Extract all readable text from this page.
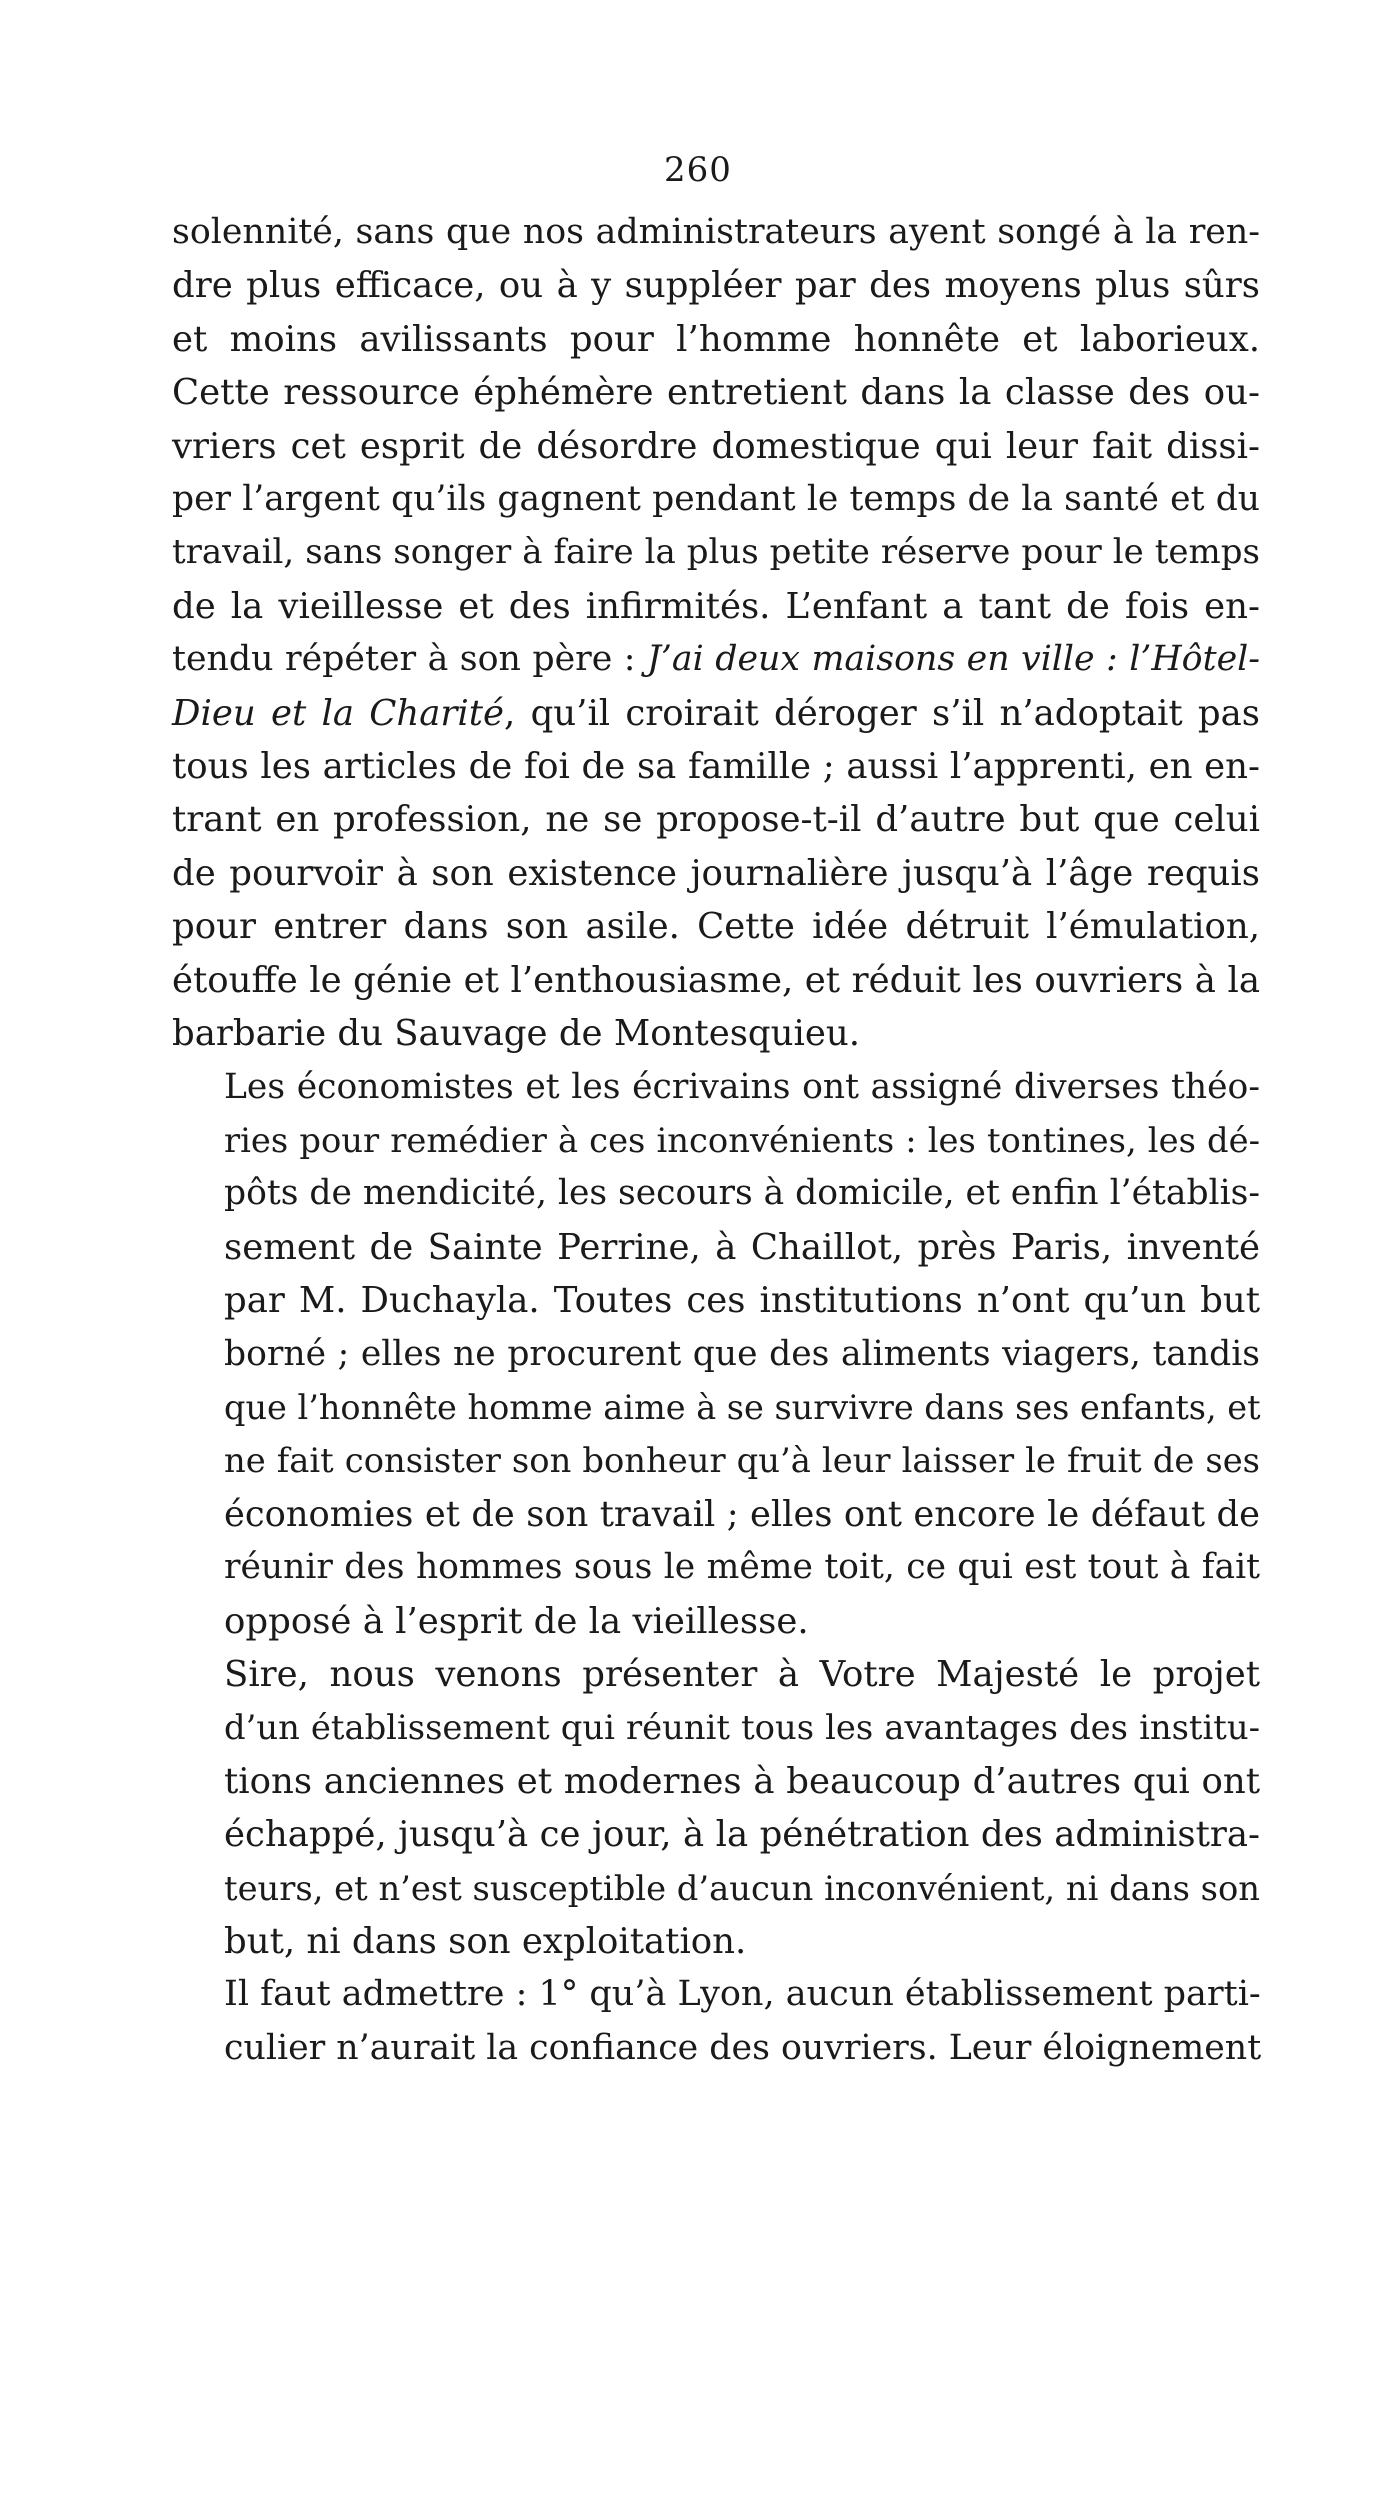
260
solennité, sans que nos administrateurs ayent songé à la ren-
dre plus efficace, ou à y suppléer par des moyens plus sûrs
et moins avilissants pour l’homme honnête et laborieux.
Cette ressource éphémère entretient dans la classe des ou-
vriers cet esprit de désordre domestique qui leur fait dissi-
per l’argent qu’ils gagnent pendant le temps de la santé et du
travail, sans songer à faire la plus petite réserve pour le temps
de la vieillesse et des infirmités. L’enfant a tant de fois en-
tendu répéter à son père : J’ai deux maisons en ville : l’Hôtel-
Dieu et la Charité, qu’il croirait déroger s’il n’adoptait pas
tous les articles de foi de sa famille ; aussi l’apprenti, en en-
trant en profession, ne se propose-t-il d’autre but que celui
de pourvoir à son existence journalière jusqu’à l’âge requis
pour entrer dans son asile. Cette idée détruit l’émulation,
étouffe le génie et l’enthousiasme, et réduit les ouvriers à la
barbarie du Sauvage de Montesquieu.
Les économistes et les écrivains ont assigné diverses théo-
ries pour remédier à ces inconvénients : les tontines, les dé-
pôts de mendicité, les secours à domicile, et enfin l’établis-
sement de Sainte Perrine, à Chaillot, près Paris, inventé
par M. Duchayla. Toutes ces institutions n’ont qu’un but
borné ; elles ne procurent que des aliments viagers, tandis
que l’honnête homme aime à se survivre dans ses enfants, et
ne fait consister son bonheur qu’à leur laisser le fruit de ses
économies et de son travail ; elles ont encore le défaut de
réunir des hommes sous le même toit, ce qui est tout à fait
opposé à l’esprit de la vieillesse.
Sire, nous venons présenter à Votre Majesté le projet
d’un établissement qui réunit tous les avantages des institu-
tions anciennes et modernes à beaucoup d’autres qui ont
échappé, jusqu’à ce jour, à la pénétration des administra-
teurs, et n’est susceptible d’aucun inconvénient, ni dans son
but, ni dans son exploitation.
Il faut admettre : 1° qu’à Lyon, aucun établissement parti-
culier n’aurait la confiance des ouvriers. Leur éloignement
